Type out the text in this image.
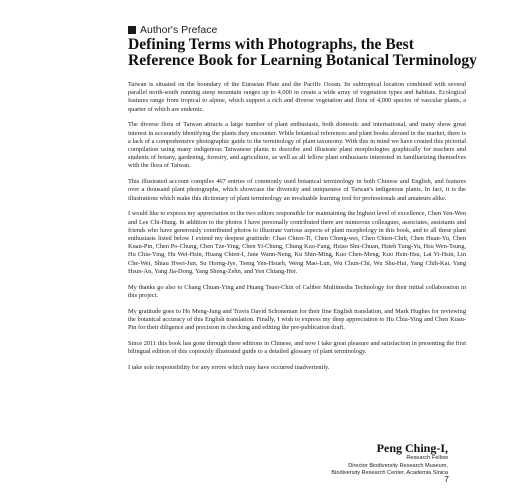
Author's Preface
Defining Terms with Photographs, the Best
Reference Book for Learning Botanical Terminology

Taiwan is situated on the boundary of the Eurasian Plate and the Pacific Ocean. Its subtropical location combined with several parallel north-south running steep mountain ranges up to 4,000 m create a wide array of vegetation types and habitats. Ecological features range from tropical to alpine, which support a rich and diverse vegetation and flora of 4,000 species of vascular plants, a quarter of which are endemic.

The diverse flora of Taiwan attracts a large number of plant enthusiasts, both domestic and international, and many show great interest in accurately identifying the plants they encounter. While botanical references and plant books abound in the market, there is a lack of a comprehensive photographic guide to the terminology of plant taxonomy. With this in mind we have created this pictorial compilation using many indigenous Taiwanese plants to describe and illustrate plant morphologies graphically for teachers and students of botany, gardening, forestry, and agriculture, as well as all fellow plant enthusiasts interested in familiarizing themselves with the flora of Taiwan.

This illustrated account compiles 467 entries of commonly used botanical terminology in both Chinese and English, and features over a thousand plant photographs, which showcase the diversity and uniqueness of Taiwan's indigenous plants. In fact, it is the illustrations which make this dictionary of plant terminology an invaluable learning tool for professionals and amateurs alike.

I would like to express my appreciation to the two editors responsible for maintaining the highest level of excellence, Chen Yen-Wen and Lee Chi-Hung. In addition to the photos I have personally contributed there are numerous colleagues, associates, assistants and friends who have generously contributed photos to illustrate various aspects of plant morphology in this book, and to all these plant enthusiasts listed below I extend my deepest gratitude: Chao Chien-Ti, Chen Cheng-wei, Chen Chien-Chih, Chen Huan-Yu, Chen Kuan-Pin, Chen Po-Chung, Chen Tze-Ying, Chen Yi-Chung, Chung Kuo-Fang, Hsiao Shu-Chuan, Hsieh Tung-Yu, Hsu Wen-Tsung, Hu Chia-Ying, Hu Wei-Hsin, Huang Chien-I, Jane Wann-Neng, Ku Shin-Ming, Kuo Chen-Meng, Kuo Hsin-Hsu, Lai Yi-Hsin, Lin Che-Wei, Shiau Hwei-Jun, Su Horng-Jye, Tseng Yen-Hsueh, Weng Mao-Lun, Wu Chun-Chi, Wu Shu-Hui, Yang Chih-Kai, Yang Hsun-An, Yang Jia-Dong, Yang Sheng-Zehn, and Yen Chiang-Her.

My thanks go also to Chang Chuan-Ying and Huang Tsuei-Chin of Caliber Multimedia Technology for their initial collaboration in this project.

My gratitude goes to Ho Meng-Jung and Travis David Schoneman for their fine English translation, and Mark Hughes for reviewing the botanical accuracy of this English translation. Finally, I wish to express my deep appreciation to Hu Chia-Ying and Chen Kuan-Pin for their diligence and precision in checking and editing the pre-publication draft.

Since 2011 this book has gone through three editions in Chinese, and now I take great pleasure and satisfaction in presenting the first bilingual edition of this copiously illustrated guide to a detailed glossary of plant terminology.

I take sole responsibility for any errors which may have occurred inadvertently.

Peng Ching-I,
Research Fellow
Director Biodiversity Research Museum,
Biodiversity Research Center, Academia Sinica
7
